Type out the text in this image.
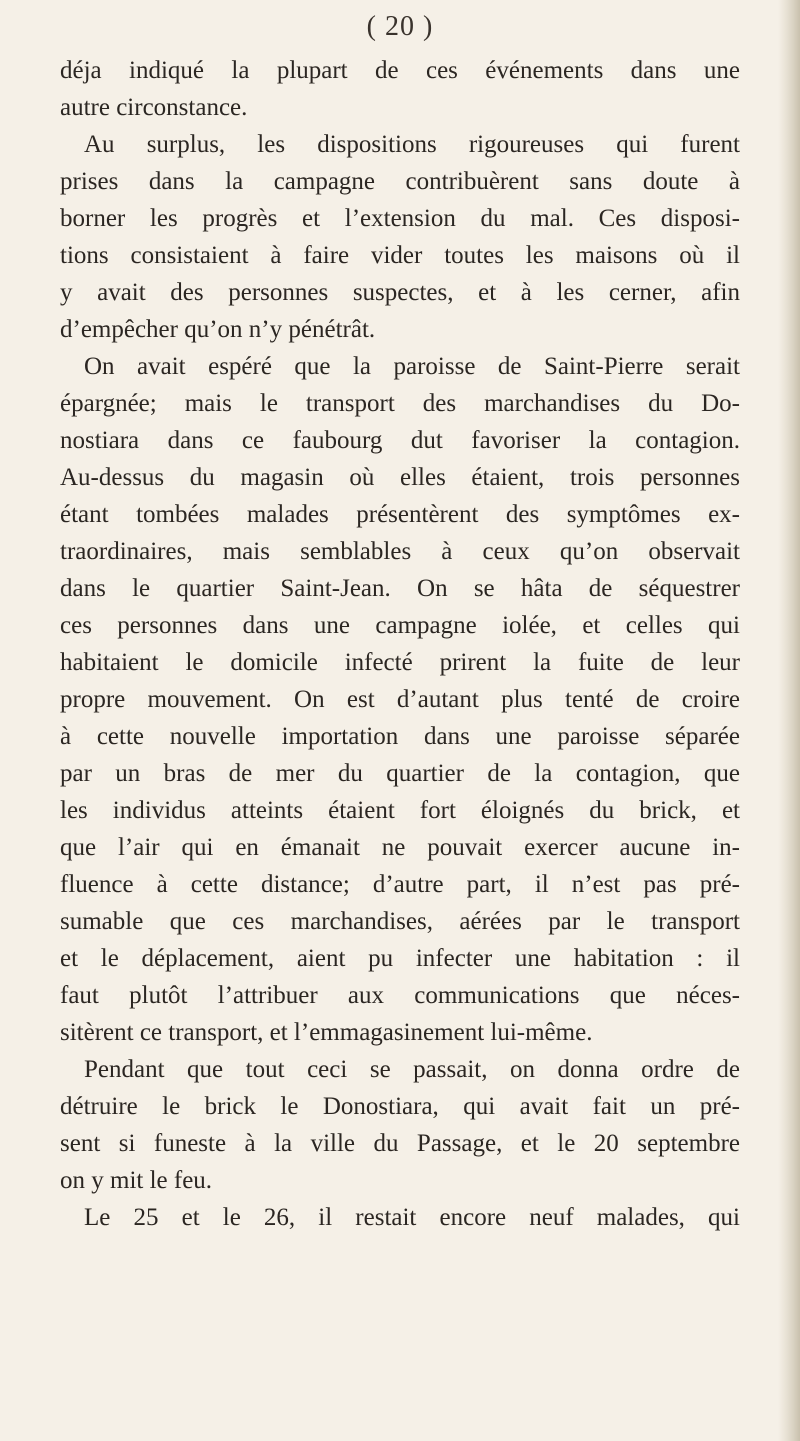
( 20 )
déja indiqué la plupart de ces événements dans une
autre circonstance.
Au surplus, les dispositions rigoureuses qui furent
prises dans la campagne contribuèrent sans doute à
borner les progrès et l’extension du mal. Ces disposi-
tions consistaient à faire vider toutes les maisons où il
y avait des personnes suspectes, et à les cerner, afin
d’empêcher qu’on n’y pénétrât.
On avait espéré que la paroisse de Saint-Pierre serait
épargnée; mais le transport des marchandises du Do-
nostiara dans ce faubourg dut favoriser la contagion.
Au-dessus du magasin où elles étaient, trois personnes
étant tombées malades présentèrent des symptômes ex-
traordinaires, mais semblables à ceux qu’on observait
dans le quartier Saint-Jean. On se hâta de séquestrer
ces personnes dans une campagne iolée, et celles qui
habitaient le domicile infecté prirent la fuite de leur
propre mouvement. On est d’autant plus tenté de croire
à cette nouvelle importation dans une paroisse séparée
par un bras de mer du quartier de la contagion, que
les individus atteints étaient fort éloignés du brick, et
que l’air qui en émanait ne pouvait exercer aucune in-
fluence à cette distance; d’autre part, il n’est pas pré-
sumable que ces marchandises, aérées par le transport
et le déplacement, aient pu infecter une habitation : il
faut plutôt l’attribuer aux communications que néces-
sitèrent ce transport, et l’emmagasinement lui-même.
Pendant que tout ceci se passait, on donna ordre de
détruire le brick le Donostiara, qui avait fait un pré-
sent si funeste à la ville du Passage, et le 20 septembre
on y mit le feu.
Le 25 et le 26, il restait encore neuf malades, qui
